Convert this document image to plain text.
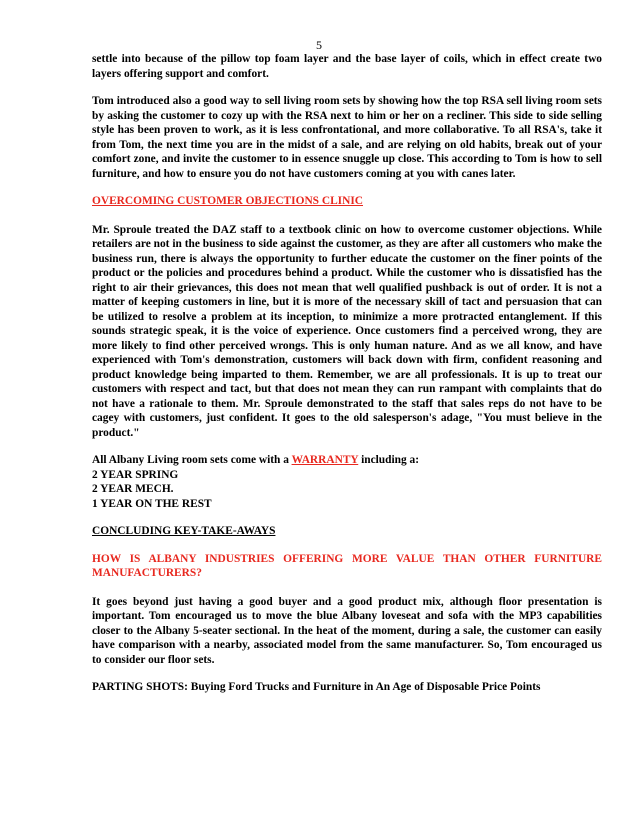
5

settle into because of the pillow top foam layer and the base layer of coils, which in effect create two layers offering support and comfort.

Tom introduced also a good way to sell living room sets by showing how the top RSA sell living room sets by asking the customer to cozy up with the RSA next to him or her on a recliner. This side to side selling style has been proven to work, as it is less confrontational, and more collaborative. To all RSA's, take it from Tom, the next time you are in the midst of a sale, and are relying on old habits, break out of your comfort zone, and invite the customer to in essence snuggle up close. This according to Tom is how to sell furniture, and how to ensure you do not have customers coming at you with canes later.

OVERCOMING CUSTOMER OBJECTIONS CLINIC

Mr. Sproule treated the DAZ staff to a textbook clinic on how to overcome customer objections. While retailers are not in the business to side against the customer, as they are after all customers who make the business run, there is always the opportunity to further educate the customer on the finer points of the product or the policies and procedures behind a product. While the customer who is dissatisfied has the right to air their grievances, this does not mean that well qualified pushback is out of order. It is not a matter of keeping customers in line, but it is more of the necessary skill of tact and persuasion that can be utilized to resolve a problem at its inception, to minimize a more protracted entanglement. If this sounds strategic speak, it is the voice of experience. Once customers find a perceived wrong, they are more likely to find other perceived wrongs. This is only human nature. And as we all know, and have experienced with Tom's demonstration, customers will back down with firm, confident reasoning and product knowledge being imparted to them. Remember, we are all professionals. It is up to treat our customers with respect and tact, but that does not mean they can run rampant with complaints that do not have a rationale to them. Mr. Sproule demonstrated to the staff that sales reps do not have to be cagey with customers, just confident. It goes to the old salesperson's adage, "You must believe in the product."

All Albany Living room sets come with a WARRANTY including a:
2 YEAR SPRING
2 YEAR MECH.
1 YEAR ON THE REST
CONCLUDING KEY-TAKE-AWAYS
HOW IS ALBANY INDUSTRIES OFFERING MORE VALUE THAN OTHER FURNITURE MANUFACTURERS?

It goes beyond just having a good buyer and a good product mix, although floor presentation is important. Tom encouraged us to move the blue Albany loveseat and sofa with the MP3 capabilities closer to the Albany 5-seater sectional. In the heat of the moment, during a sale, the customer can easily have comparison with a nearby, associated model from the same manufacturer. So, Tom encouraged us to consider our floor sets.

PARTING SHOTS: Buying Ford Trucks and Furniture in An Age of Disposable Price Points
